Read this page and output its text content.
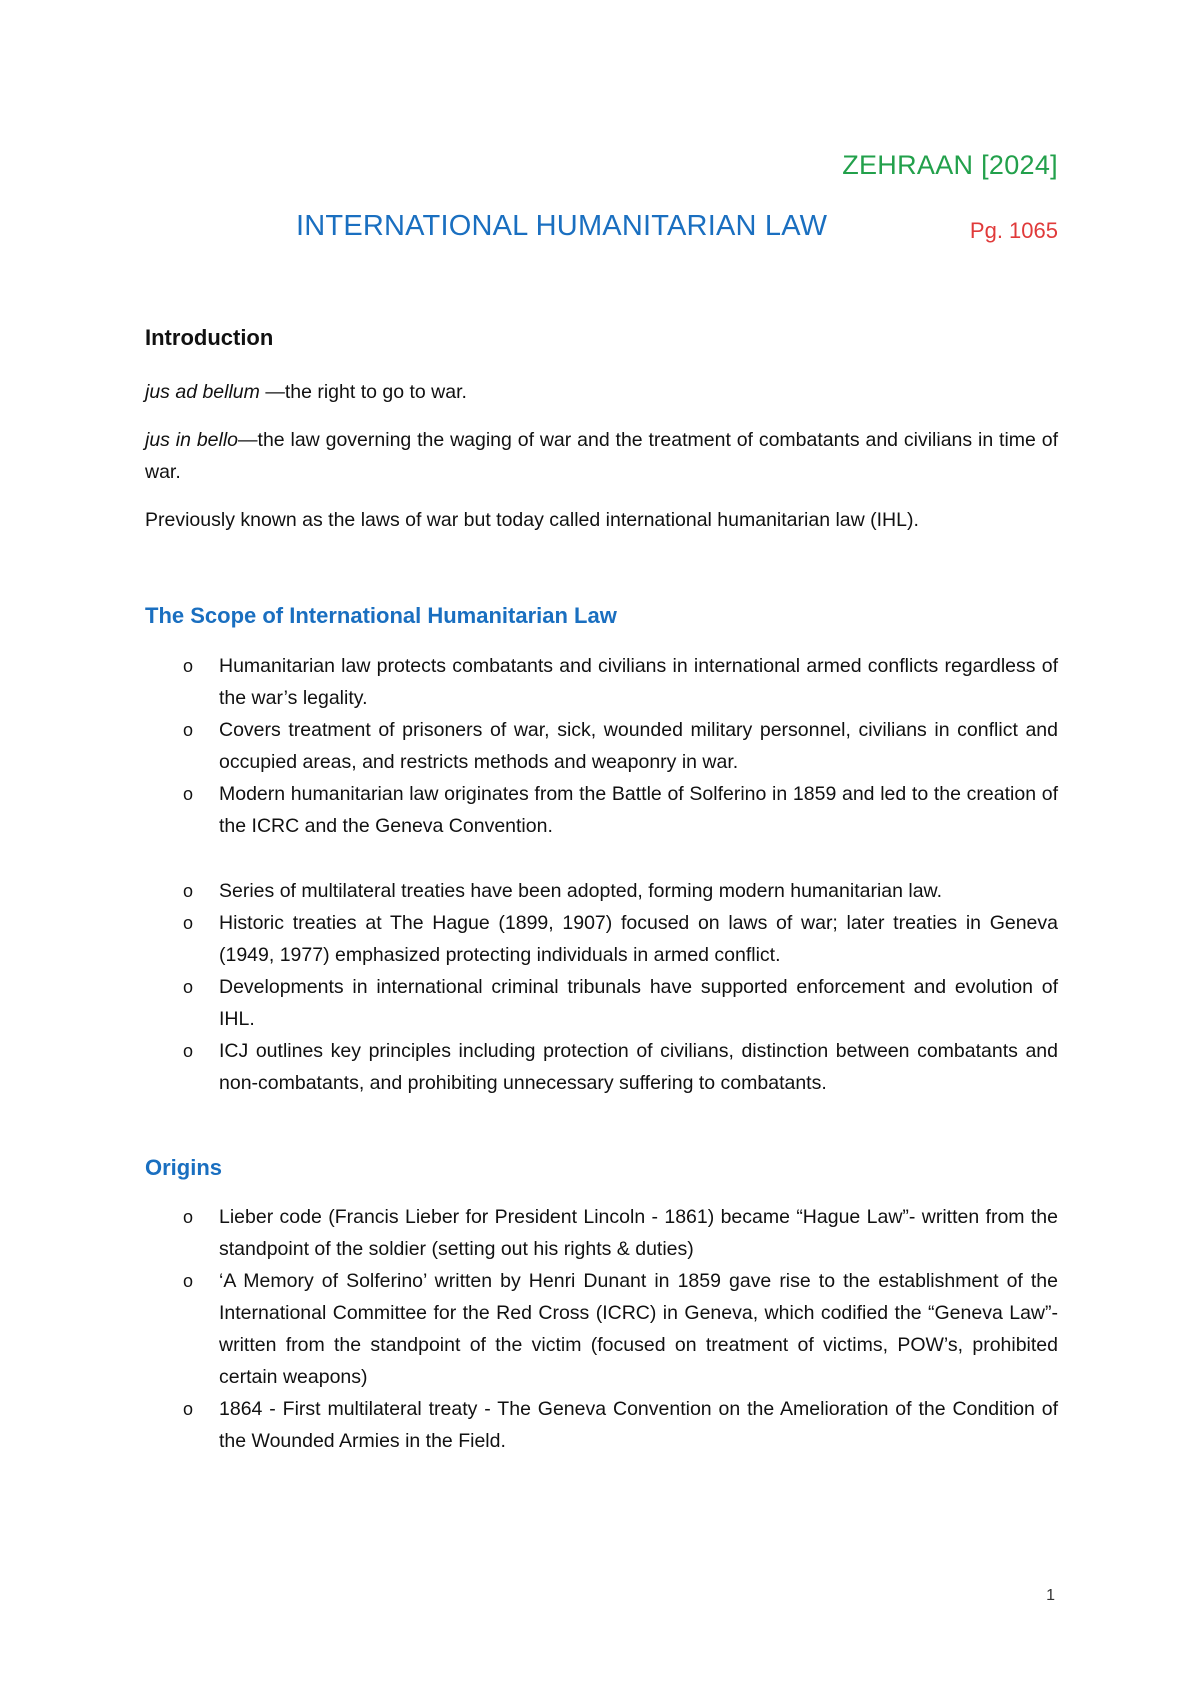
ZEHRAAN [2024]
INTERNATIONAL HUMANITARIAN LAW	Pg. 1065
Introduction

jus ad bellum —the right to go to war.

jus in bello—the law governing the waging of war and the treatment of combatants and civilians in time of war.

Previously known as the laws of war but today called international humanitarian law (IHL).

The Scope of International Humanitarian Law
o Humanitarian law protects combatants and civilians in international armed conflicts regardless of the war’s legality.
o Covers treatment of prisoners of war, sick, wounded military personnel, civilians in conflict and occupied areas, and restricts methods and weaponry in war.
o Modern humanitarian law originates from the Battle of Solferino in 1859 and led to the creation of the ICRC and the Geneva Convention.
o Series of multilateral treaties have been adopted, forming modern humanitarian law.
o Historic treaties at The Hague (1899, 1907) focused on laws of war; later treaties in Geneva (1949, 1977) emphasized protecting individuals in armed conflict.
o Developments in international criminal tribunals have supported enforcement and evolution of IHL.
o ICJ outlines key principles including protection of civilians, distinction between combatants and non-combatants, and prohibiting unnecessary suffering to combatants.
Origins
o Lieber code (Francis Lieber for President Lincoln - 1861) became “Hague Law”- written from the standpoint of the soldier (setting out his rights & duties)
o ‘A Memory of Solferino’ written by Henri Dunant in 1859 gave rise to the establishment of the International Committee for the Red Cross (ICRC) in Geneva, which codified the “Geneva Law”- written from the standpoint of the victim (focused on treatment of victims, POW’s, prohibited certain weapons)
o 1864 - First multilateral treaty - The Geneva Convention on the Amelioration of the Condition of the Wounded Armies in the Field.
1
